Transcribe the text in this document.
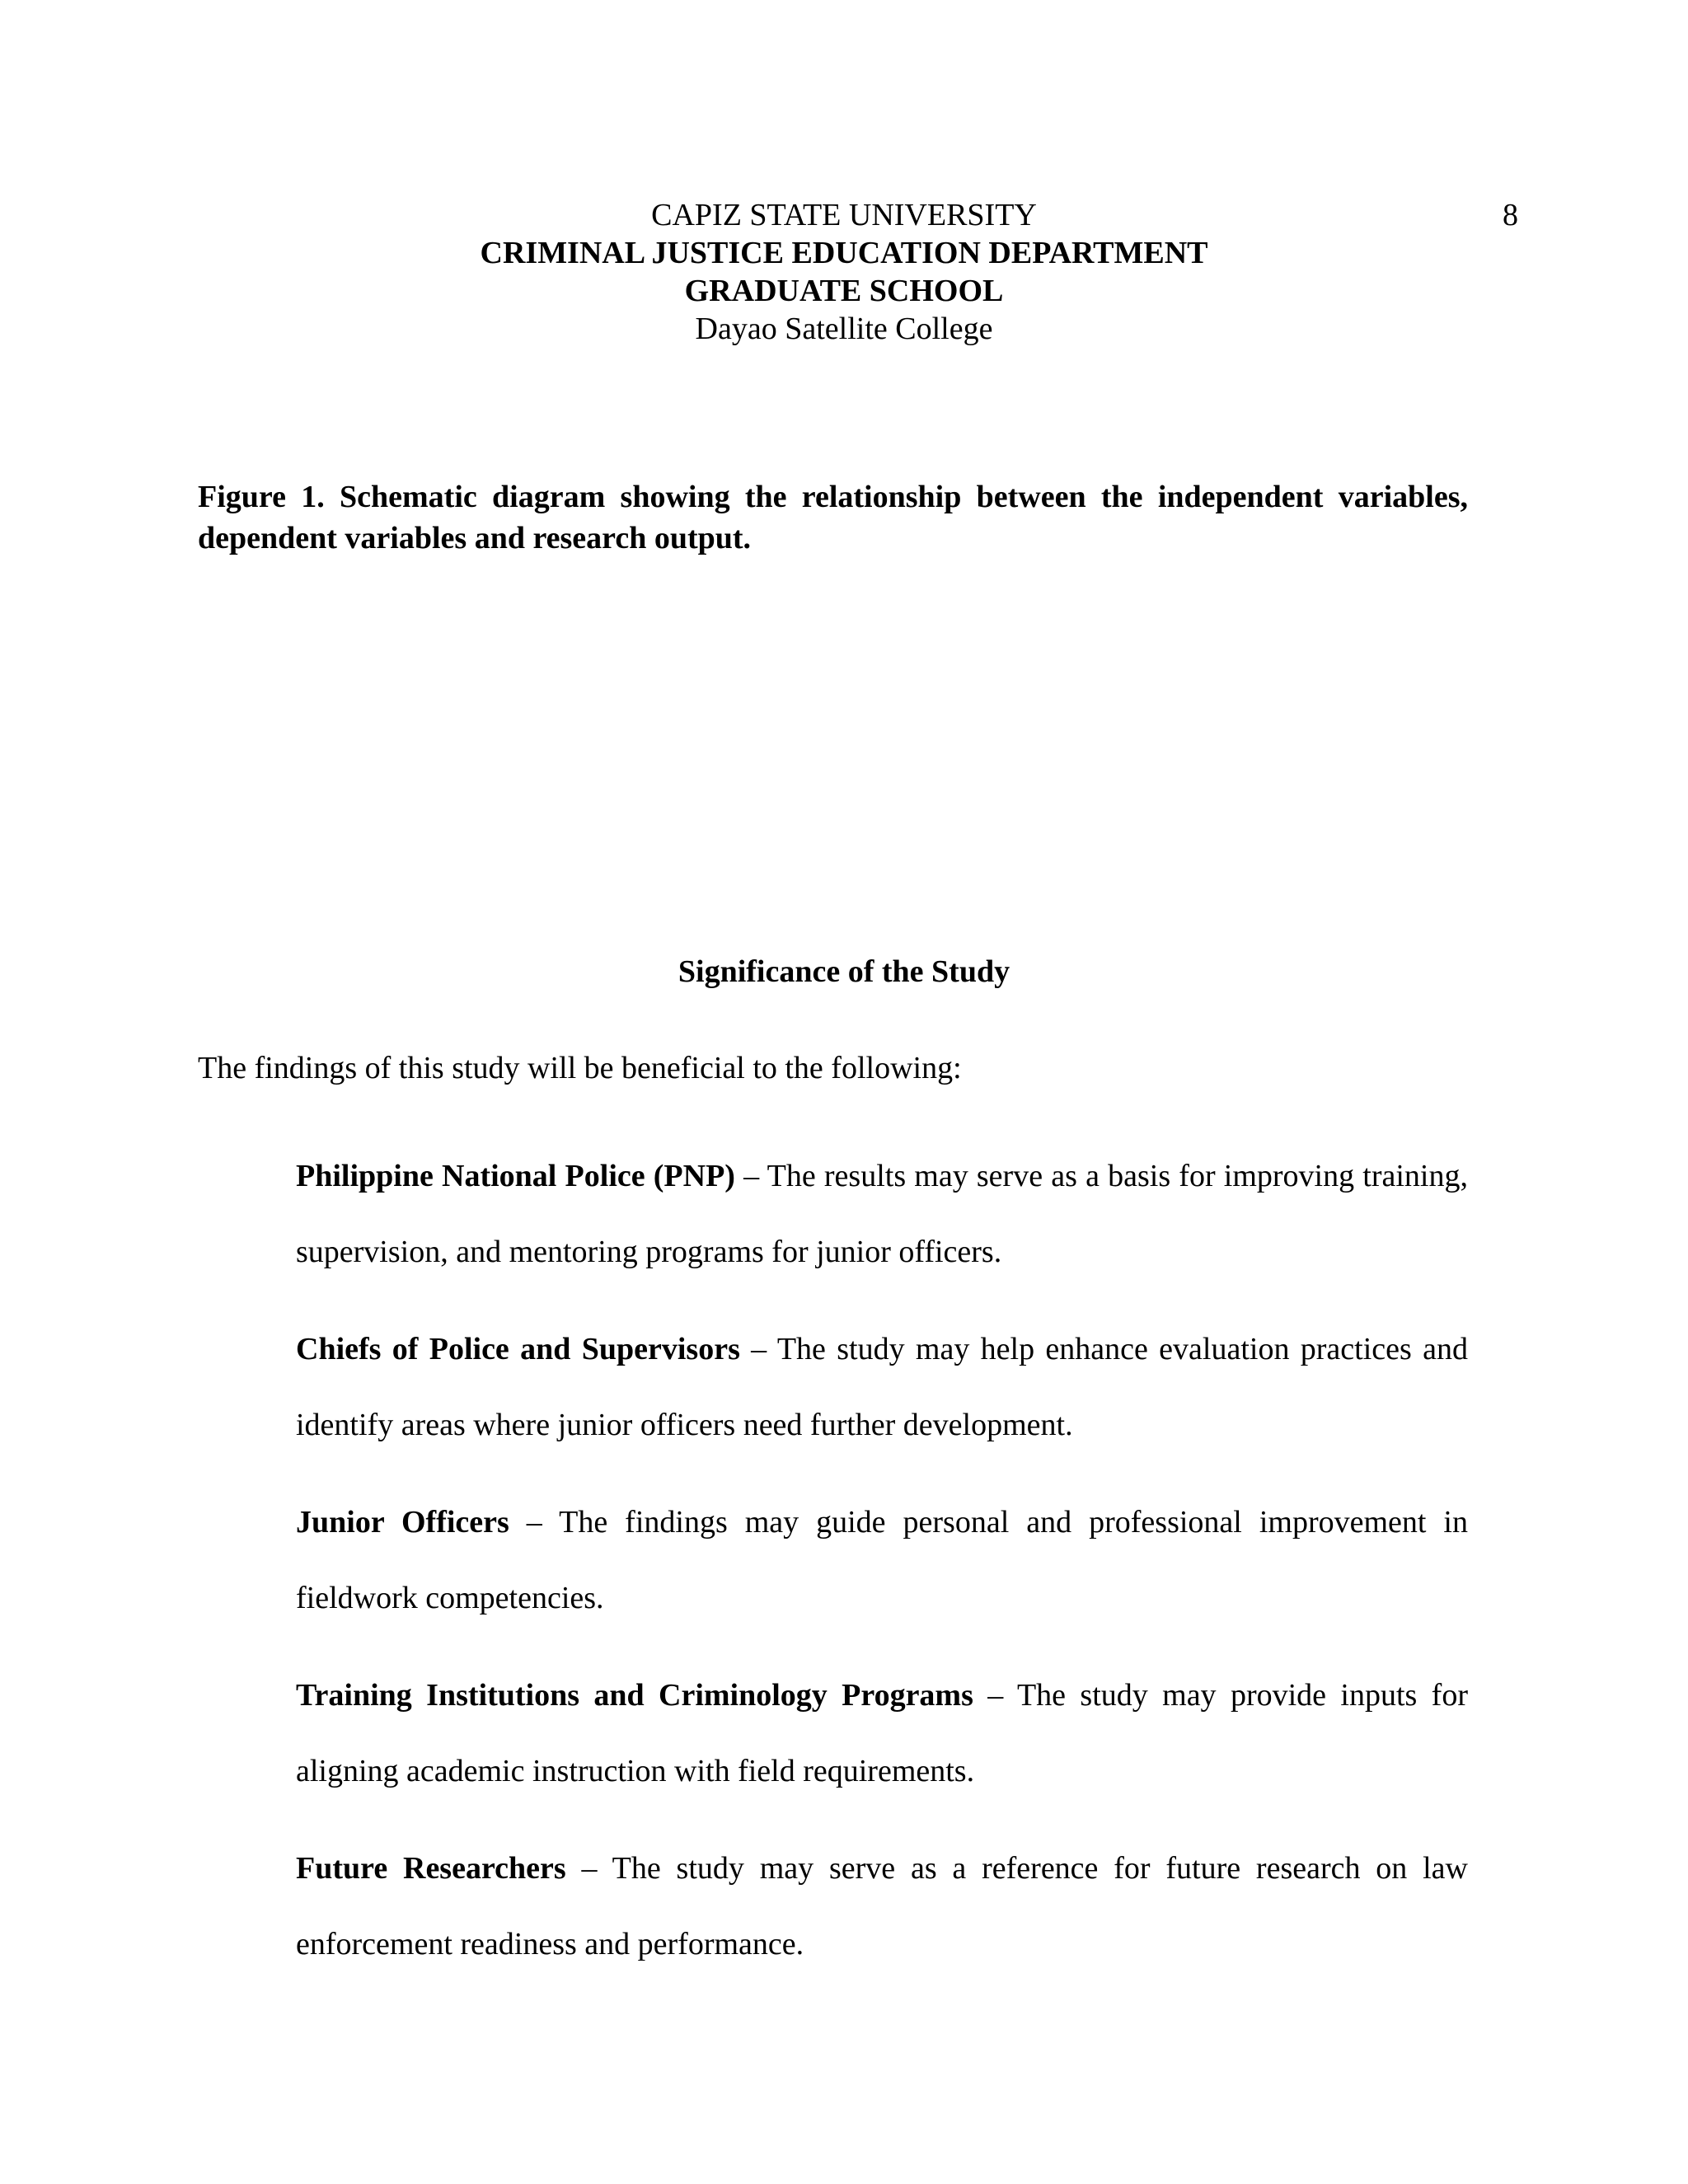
8
CAPIZ STATE UNIVERSITY
CRIMINAL JUSTICE EDUCATION DEPARTMENT
GRADUATE SCHOOL
Dayao Satellite College
Figure 1. Schematic diagram showing the relationship between the independent variables, dependent variables and research output.
Significance of the Study
The findings of this study will be beneficial to the following:

Philippine National Police (PNP) – The results may serve as a basis for improving training, supervision, and mentoring programs for junior officers.

Chiefs of Police and Supervisors – The study may help enhance evaluation practices and identify areas where junior officers need further development.

Junior Officers – The findings may guide personal and professional improvement in fieldwork competencies.

Training Institutions and Criminology Programs – The study may provide inputs for aligning academic instruction with field requirements.

Future Researchers – The study may serve as a reference for future research on law enforcement readiness and performance.
